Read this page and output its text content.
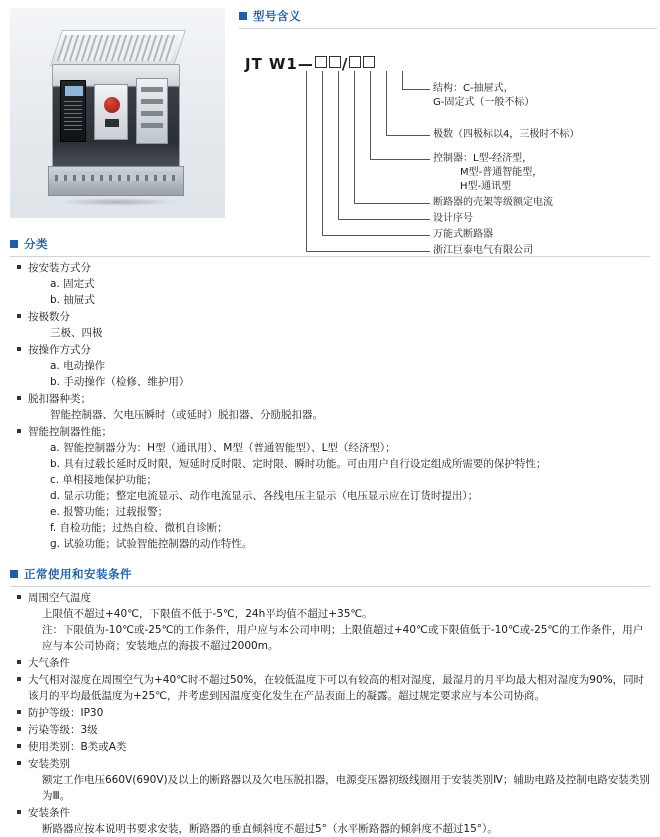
型号含义
JT W1— /
结构：C-抽屉式，
G-固定式（一般不标）
极数（四极标以4，三极时不标）
控制器：L型-经济型，
M型-普通智能型，
H型-通讯型
断路器的壳架等级额定电流
设计序号
万能式断路器
浙江巨泰电气有限公司
分类
按安装方式分
a. 固定式
b. 抽屉式
按极数分
三极、四极
按操作方式分
a. 电动操作
b. 手动操作（检修、维护用）
脱扣器种类；
智能控制器、欠电压瞬时（或延时）脱扣器、分励脱扣器。
智能控制器性能；
a. 智能控制器分为：H型（通讯用）、M型（普通智能型）、L型（经济型）；
b. 具有过载长延时反时限，短延时反时限、定时限、瞬时功能。可由用户自行设定组成所需要的保护特性；
c. 单相接地保护功能；
d. 显示功能；整定电流显示、动作电流显示、各线电压主显示（电压显示应在订货时提出）；
e. 报警功能；过载报警；
f. 自检功能；过热自检、微机自诊断；
g. 试验功能；试验智能控制器的动作特性。
正常使用和安装条件
周围空气温度
上限值不超过+40℃，下限值不低于-5℃，24h平均值不超过+35℃。
注：下限值为-10℃或-25℃的工作条件，用户应与本公司申明；上限值超过+40℃或下限值低于-10℃或-25℃的工作条件，用户应与本公司协商；安装地点的海拔不超过2000m。
大气条件
大气相对湿度在周围空气为+40℃时不超过50%，在较低温度下可以有较高的相对湿度，最湿月的月平均最大相对湿度为90%，同时该月的平均最低温度为+25℃，并考虑到因温度变化发生在产品表面上的凝露。超过规定要求应与本公司协商。
防护等级：IP30
污染等级：3级
使用类别：B类或A类
安装类别
额定工作电压660V(690V)及以上的断路器以及欠电压脱扣器，电源变压器初级线圈用于安装类别Ⅳ；辅助电路及控制电路安装类别为Ⅲ。
安装条件
断路器应按本说明书要求安装，断路器的垂直倾斜度不超过5°（水平断路器的倾斜度不超过15°）。
